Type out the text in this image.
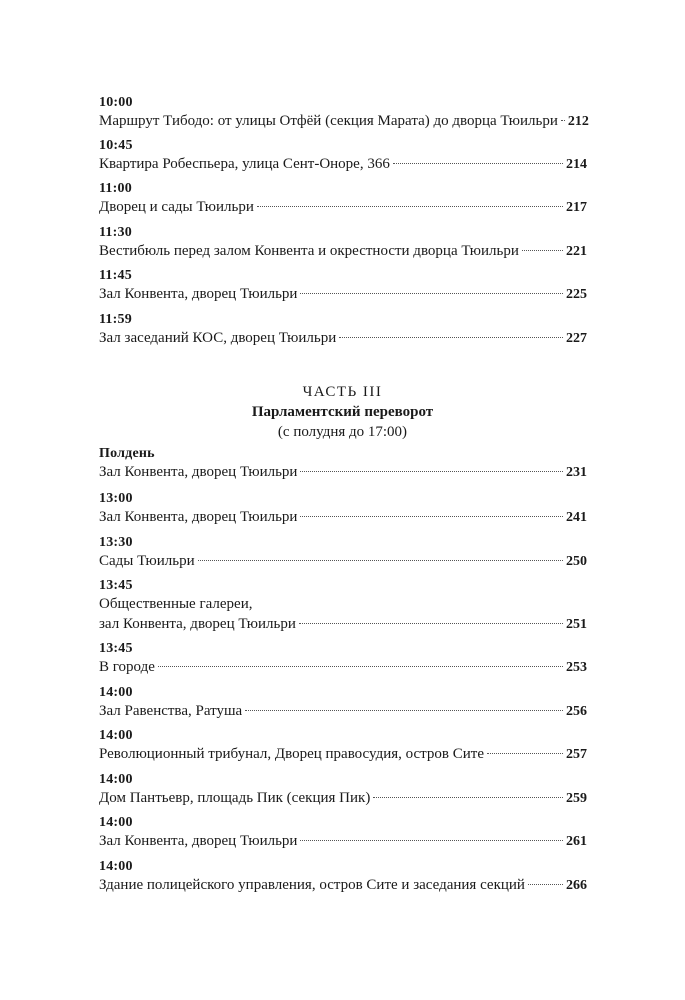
10:00
Маршрут Тибодо: от улицы Отфёй (секция Марата) до дворца Тюильри 212
10:45
Квартира Робеспьера, улица Сент-Оноре, 366	214
11:00
Дворец и сады Тюильри	217
11:30
Вестибюль перед залом Конвента и окрестности дворца Тюильри	221
11:45
Зал Конвента, дворец Тюильри	225
11:59
Зал заседаний КОС, дворец Тюильри	227
ЧАСТЬ III
Парламентский переворот
(с полудня до 17:00)
Полдень
Зал Конвента, дворец Тюильри	231
13:00
Зал Конвента, дворец Тюильри	241
13:30
Сады Тюильри	250
13:45
Общественные галереи,
зал Конвента, дворец Тюильри	251
13:45
В городе	253
14:00
Зал Равенства, Ратуша	256
14:00
Революционный трибунал, Дворец правосудия, остров Сите	257
14:00
Дом Пантьевр, площадь Пик (секция Пик)	259
14:00
Зал Конвента, дворец Тюильри	261
14:00
Здание полицейского управления, остров Сите и заседания секций	266
